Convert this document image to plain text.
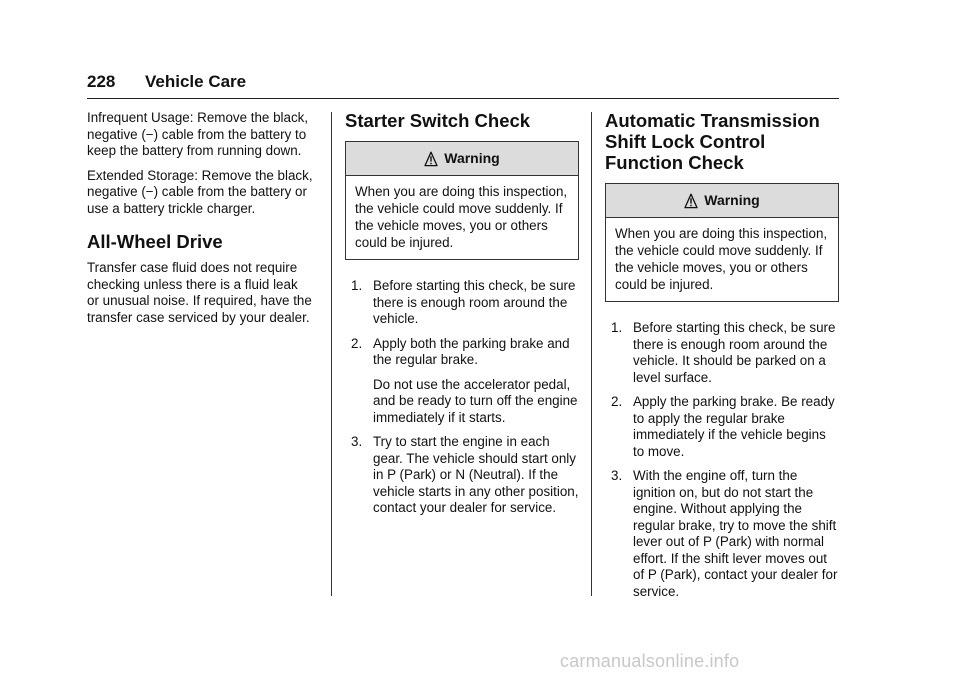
228 Vehicle Care

Infrequent Usage: Remove the black, negative (−) cable from the battery to keep the battery from running down.

Extended Storage: Remove the black, negative (−) cable from the battery or use a battery trickle charger.

All-Wheel Drive

Transfer case fluid does not require checking unless there is a fluid leak or unusual noise. If required, have the transfer case serviced by your dealer.

Starter Switch Check
Warning
When you are doing this inspection, the vehicle could move suddenly. If the vehicle moves, you or others could be injured.
1. Before starting this check, be sure there is enough room around the vehicle.
2. Apply both the parking brake and the regular brake.

Do not use the accelerator pedal, and be ready to turn off the engine immediately if it starts.

3. Try to start the engine in each gear. The vehicle should start only in P (Park) or N (Neutral). If the vehicle starts in any other position, contact your dealer for service.
Automatic Transmission Shift Lock Control Function Check
Warning
When you are doing this inspection, the vehicle could move suddenly. If the vehicle moves, you or others could be injured.
1. Before starting this check, be sure there is enough room around the vehicle. It should be parked on a level surface.
2. Apply the parking brake. Be ready to apply the regular brake immediately if the vehicle begins to move.
3. With the engine off, turn the ignition on, but do not start the engine. Without applying the regular brake, try to move the shift lever out of P (Park) with normal effort. If the shift lever moves out of P (Park), contact your dealer for service.
carmanualsonline.info
